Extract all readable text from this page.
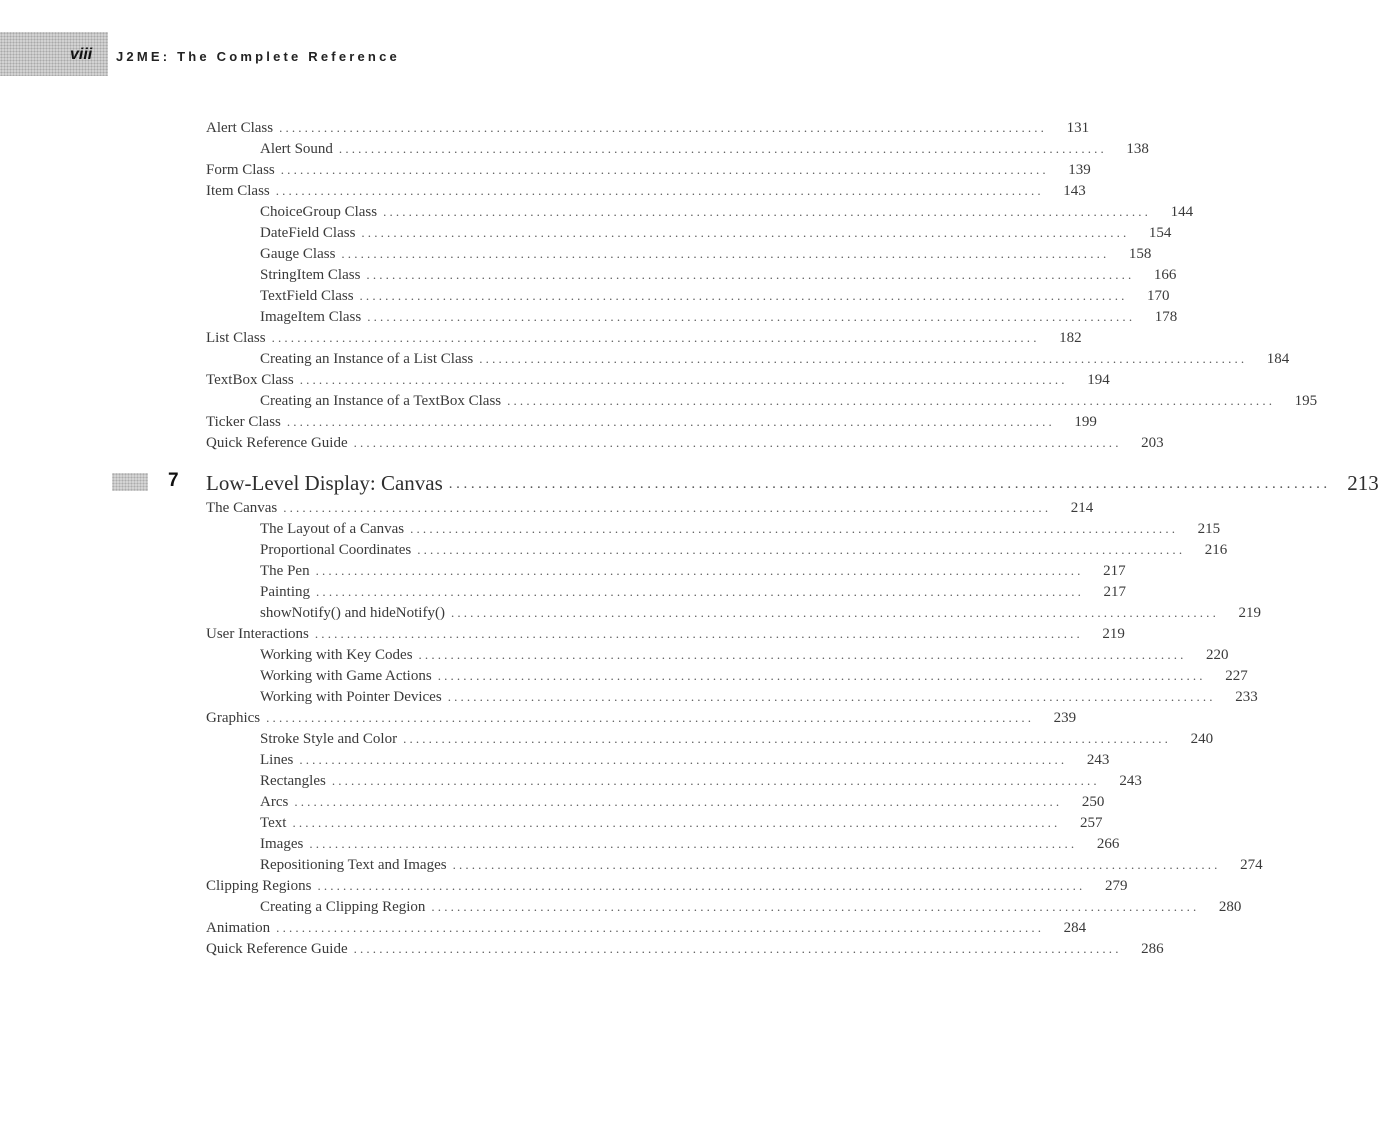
viii J2ME: The Complete Reference
Alert Class ........................................................................................................................	131
Alert Sound ........................................................................................................................	138
Form Class ........................................................................................................................	139
Item Class ........................................................................................................................	143
ChoiceGroup Class ........................................................................................................................	144
DateField Class ........................................................................................................................	154
Gauge Class ........................................................................................................................	158
StringItem Class ........................................................................................................................	166
TextField Class ........................................................................................................................	170
ImageItem Class ........................................................................................................................	178
List Class ........................................................................................................................	182
Creating an Instance of a List Class ........................................................................................................................	184
TextBox Class ........................................................................................................................	194
Creating an Instance of a TextBox Class ........................................................................................................................	195
Ticker Class ........................................................................................................................	199
Quick Reference Guide ........................................................................................................................	203
7 Low-Level Display: Canvas ........................................................................................................................ 213
The Canvas ........................................................................................................................	214
The Layout of a Canvas ........................................................................................................................	215
Proportional Coordinates ........................................................................................................................	216
The Pen ........................................................................................................................	217
Painting ........................................................................................................................	217
showNotify() and hideNotify() ........................................................................................................................	219
User Interactions ........................................................................................................................	219
Working with Key Codes ........................................................................................................................	220
Working with Game Actions ........................................................................................................................	227
Working with Pointer Devices ........................................................................................................................	233
Graphics ........................................................................................................................	239
Stroke Style and Color ........................................................................................................................	240
Lines ........................................................................................................................	243
Rectangles ........................................................................................................................	243
Arcs ........................................................................................................................	250
Text ........................................................................................................................	257
Images ........................................................................................................................	266
Repositioning Text and Images ........................................................................................................................	274
Clipping Regions ........................................................................................................................	279
Creating a Clipping Region ........................................................................................................................	280
Animation ........................................................................................................................	284
Quick Reference Guide ........................................................................................................................	286
